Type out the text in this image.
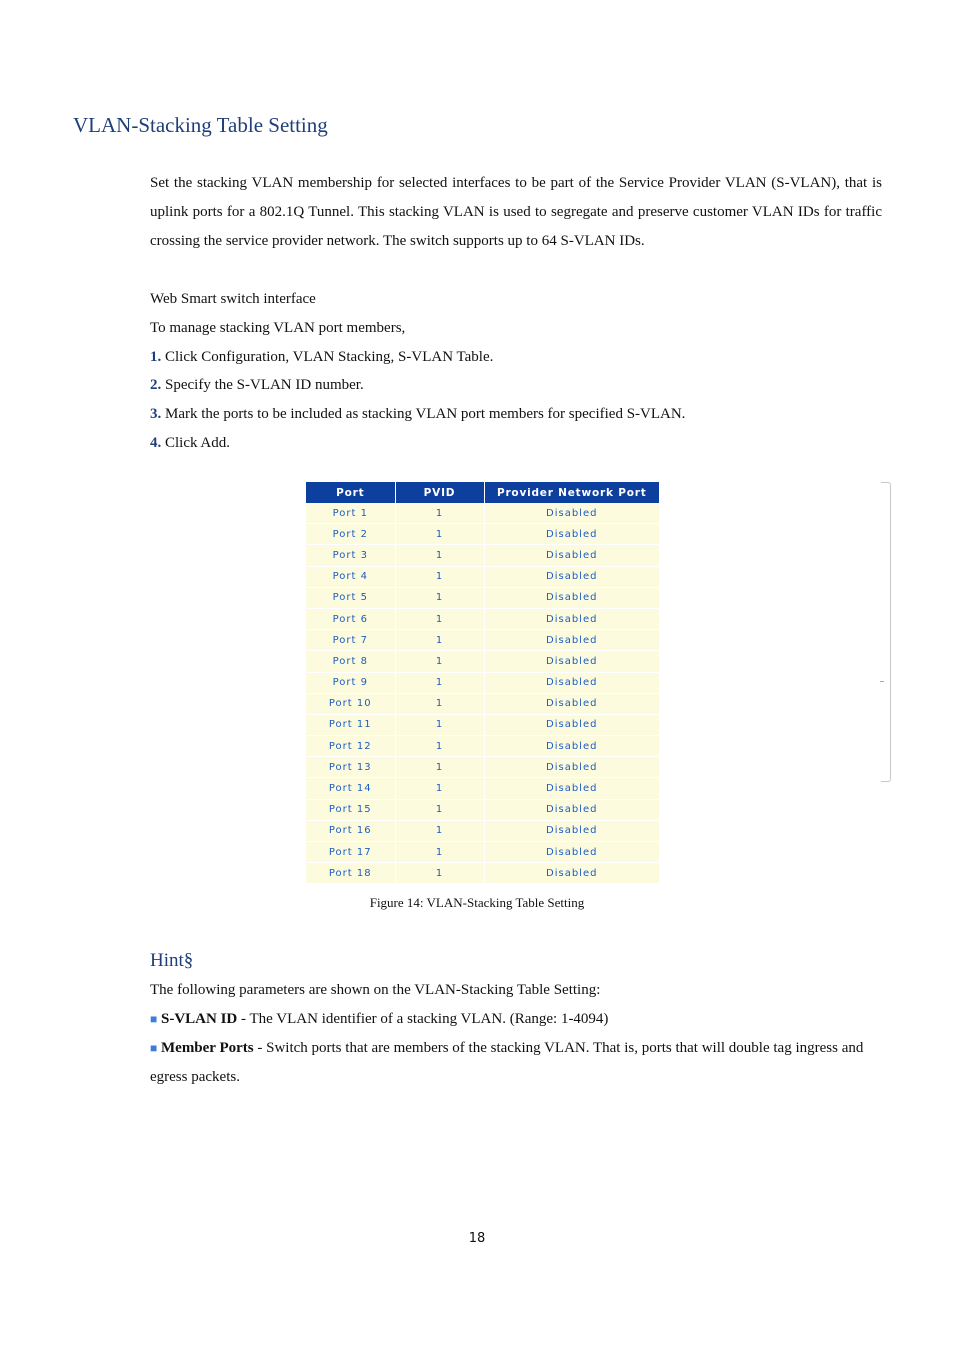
VLAN-Stacking Table Setting

Set the stacking VLAN membership for selected interfaces to be part of the Service Provider VLAN (S-VLAN), that is uplink ports for a 802.1Q Tunnel. This stacking VLAN is used to segregate and preserve customer VLAN IDs for traffic crossing the service provider network. The switch supports up to 64 S-VLAN IDs.

Web Smart switch interface
To manage stacking VLAN port members,
1. Click Configuration, VLAN Stacking, S-VLAN Table.
2. Specify the S-VLAN ID number.
3. Mark the ports to be included as stacking VLAN port members for specified S-VLAN.
4. Click Add.
Port	PVID	Provider Network Port
Port 1	1	Disabled
Port 2	1	Disabled
Port 3	1	Disabled
Port 4	1	Disabled
Port 5	1	Disabled
Port 6	1	Disabled
Port 7	1	Disabled
Port 8	1	Disabled
Port 9	1	Disabled
Port 10	1	Disabled
Port 11	1	Disabled
Port 12	1	Disabled
Port 13	1	Disabled
Port 14	1	Disabled
Port 15	1	Disabled
Port 16	1	Disabled
Port 17	1	Disabled
Port 18	1	Disabled
Figure 14: VLAN-Stacking Table Setting
Hint§
The following parameters are shown on the VLAN-Stacking Table Setting:
■ S-VLAN ID - The VLAN identifier of a stacking VLAN. (Range: 1-4094)
■ Member Ports - Switch ports that are members of the stacking VLAN. That is, ports that will double tag ingress and egress packets.
18
